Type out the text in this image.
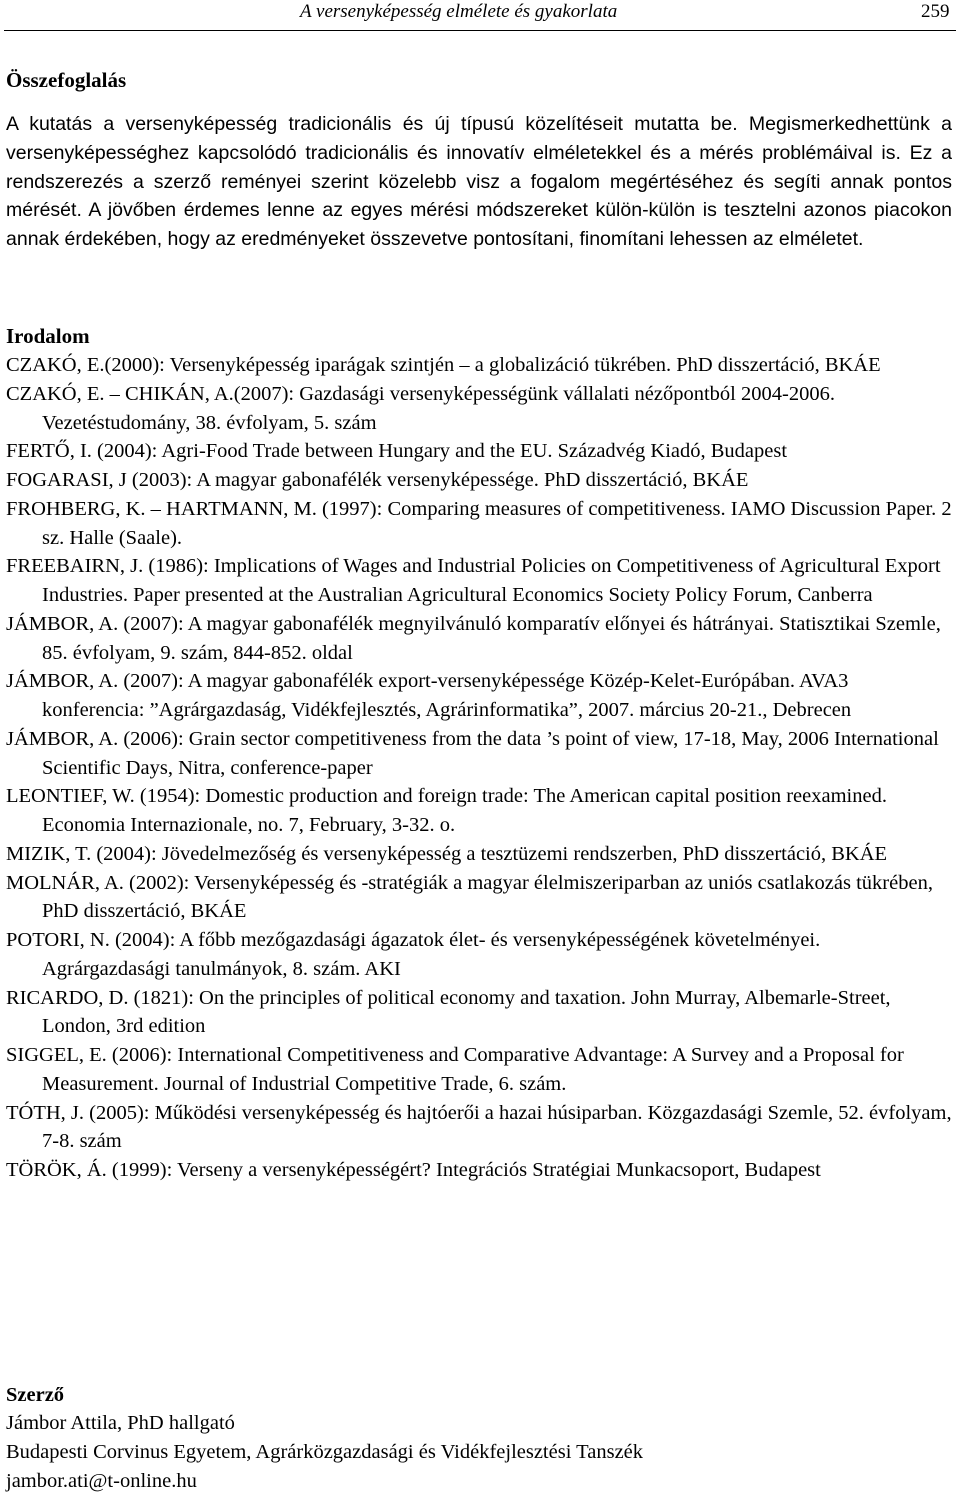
A versenyképesség elmélete és gyakorlata	259
Összefoglalás

A kutatás a versenyképesség tradicionális és új típusú közelítéseit mutatta be. Megismerkedhettünk a versenyképességhez kapcsolódó tradicionális és innovatív elméletekkel és a mérés problémáival is. Ez a rendszerezés a szerző reményei szerint közelebb visz a fogalom megértéséhez és segíti annak pontos mérését. A jövőben érdemes lenne az egyes mérési módszereket külön-külön is tesztelni azonos piacokon annak érdekében, hogy az eredményeket összevetve pontosítani, finomítani lehessen az elméletet.

Irodalom
CZAKÓ, E.(2000): Versenyképesség iparágak szintjén – a globalizáció tükrében. PhD disszertáció, BKÁE
CZAKÓ, E. – CHIKÁN, A.(2007): Gazdasági versenyképességünk vállalati nézőpontból 2004-2006. Vezetéstudomány, 38. évfolyam, 5. szám
FERTŐ, I. (2004): Agri-Food Trade between Hungary and the EU. Századvég Kiadó, Budapest
FOGARASI, J (2003): A magyar gabonafélék versenyképessége. PhD disszertáció, BKÁE
FROHBERG, K. – HARTMANN, M. (1997): Comparing measures of competitiveness. IAMO Discussion Paper. 2 sz. Halle (Saale).
FREEBAIRN, J. (1986): Implications of Wages and Industrial Policies on Competitiveness of Agricultural Export Industries. Paper presented at the Australian Agricultural Economics Society Policy Forum, Canberra
JÁMBOR, A. (2007): A magyar gabonafélék megnyilvánuló komparatív előnyei és hátrányai. Statisztikai Szemle, 85. évfolyam, 9. szám, 844-852. oldal
JÁMBOR, A. (2007): A magyar gabonafélék export-versenyképessége Közép-Kelet-Európában. AVA3 konferencia: ”Agrárgazdaság, Vidékfejlesztés, Agrárinformatika”, 2007. március 20-21., Debrecen
JÁMBOR, A. (2006): Grain sector competitiveness from the data ’s point of view, 17-18, May, 2006 International Scientific Days, Nitra, conference-paper
LEONTIEF, W. (1954): Domestic production and foreign trade: The American capital position reexamined. Economia Internazionale, no. 7, February, 3-32. o.
MIZIK, T. (2004): Jövedelmezőség és versenyképesség a tesztüzemi rendszerben, PhD disszertáció, BKÁE
MOLNÁR, A. (2002): Versenyképesség és -stratégiák a magyar élelmiszeriparban az uniós csatlakozás tükrében, PhD disszertáció, BKÁE
POTORI, N. (2004): A főbb mezőgazdasági ágazatok élet- és versenyképességének követelményei. Agrárgazdasági tanulmányok, 8. szám. AKI
RICARDO, D. (1821): On the principles of political economy and taxation. John Murray, Albemarle-Street, London, 3rd edition
SIGGEL, E. (2006): International Competitiveness and Comparative Advantage: A Survey and a Proposal for Measurement. Journal of Industrial Competitive Trade, 6. szám.
TÓTH, J. (2005): Működési versenyképesség és hajtóerői a hazai húsiparban. Közgazdasági Szemle, 52. évfolyam, 7-8. szám
TÖRÖK, Á. (1999): Verseny a versenyképességért? Integrációs Stratégiai Munkacsoport, Budapest
Szerző
Jámbor Attila, PhD hallgató
Budapesti Corvinus Egyetem, Agrárközgazdasági és Vidékfejlesztési Tanszék
jambor.ati@t-online.hu
